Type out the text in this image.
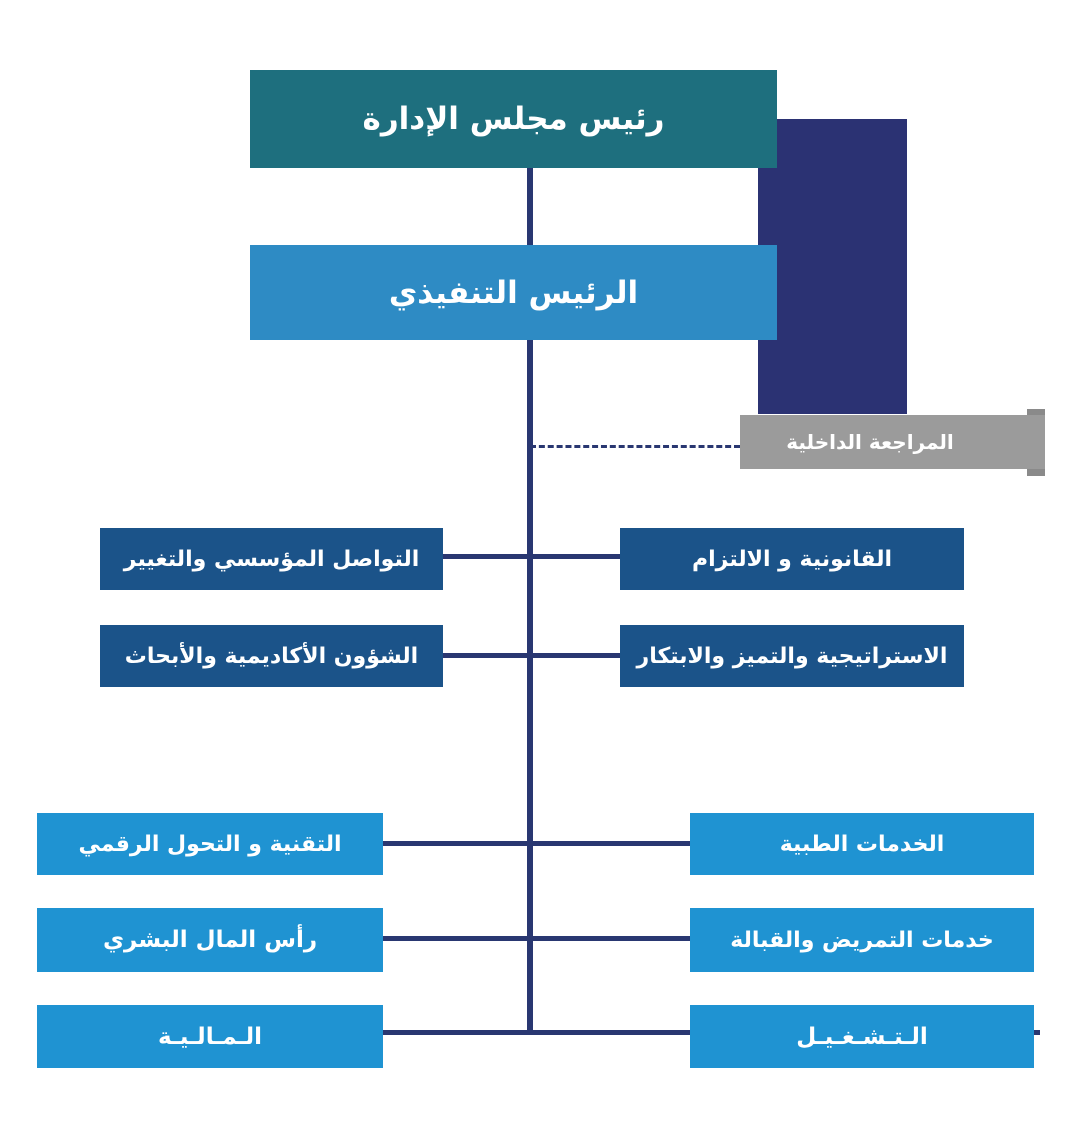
رئيس مجلس الإدارة
الرئيس التنفيذي
المراجعة الداخلية
القانونية و الالتزام
التواصل المؤسسي والتغيير
الاستراتيجية والتميز والابتكار
الشؤون الأكاديمية والأبحاث
الخدمات الطبية
التقنية و التحول الرقمي
خدمات التمريض والقبالة
رأس المال البشري
الـتـشـغـيـل
الـمـالـيـة
